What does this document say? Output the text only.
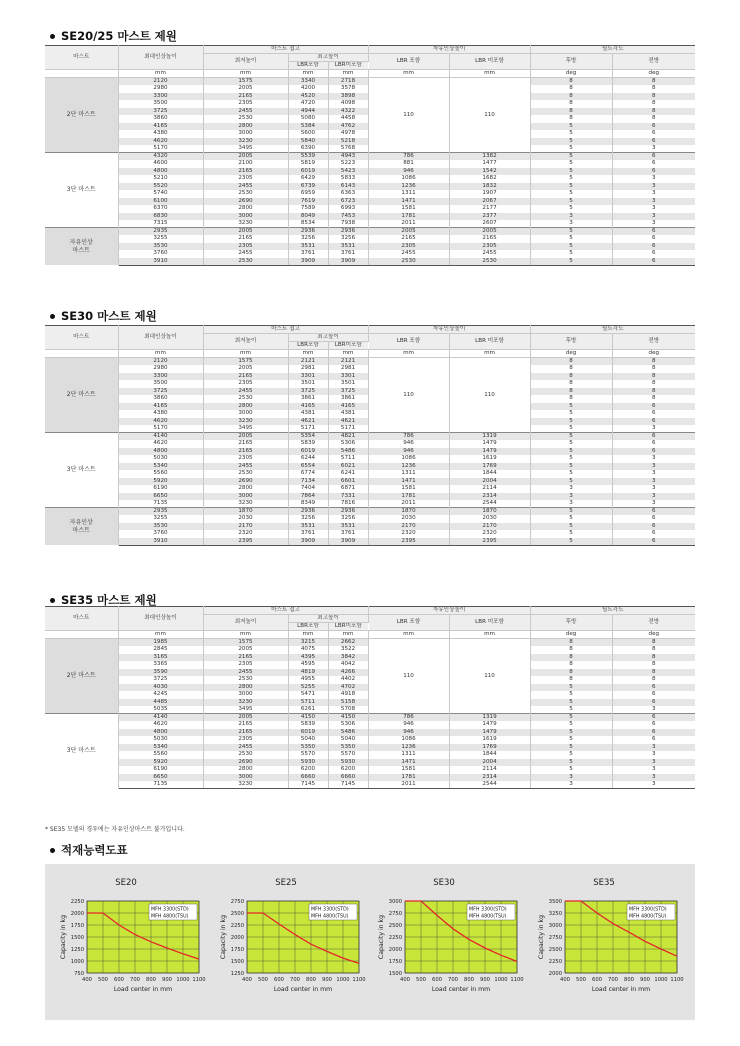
SE20/25 마스트 제원
마스트	최대인상높이	마스트 접고			자유인상높이		틸트각도	
		최저높이	최고높이		LBR 포함	LBR 미포함	후방	전방
			LBR포함	LBR미포함				
	mm	mm	mm	mm	mm	mm	deg	deg
2단 마스트	2120	1575	3340	2718	110	110	8	8
	2980	2005	4200	3578			8	8
	3300	2165	4520	3898			8	8
	3500	2305	4720	4098			8	8
	3725	2455	4944	4322			8	8
	3860	2530	5080	4458			8	8
	4165	2800	5384	4762			5	6
	4380	3000	5600	4978			5	6
	4620	3230	5840	5218			5	6
	5170	3495	6390	5768			5	3
3단 마스트	4320	2005	5539	4943	786	1382	5	6
	4600	2100	5819	5223	881	1477	5	6
	4800	2165	6019	5423	946	1542	5	6
	5210	2305	6429	5833	1086	1682	5	3
	5520	2455	6739	6143	1236	1832	5	3
	5740	2530	6959	6363	1311	1907	5	3
	6100	2690	7619	6723	1471	2067	5	3
	6370	2800	7589	6993	1581	2177	5	3
	6830	3000	8049	7453	1781	2377	3	3
	7315	3230	8534	7938	2011	2607	3	3
자유인상
마스트	2935	2005	2936	2936	2005	2005	5	6
	3255	2165	3256	3256	2165	2165	5	6
	3530	2305	3531	3531	2305	2305	5	6
	3760	2455	3761	3761	2455	2455	5	6
	3910	2530	3909	3909	2530	2530	5	6
SE30 마스트 제원
마스트	최대인상높이	마스트 접고			자유인상높이		틸트각도	
		최저높이	최고높이		LBR 포함	LBR 미포함	후방	전방
			LBR포함	LBR미포함				
	mm	mm	mm	mm	mm	mm	deg	deg
2단 마스트	2120	1575	2121	2121	110	110	8	8
	2980	2005	2981	2981			8	8
	3300	2165	3301	3301			8	8
	3500	2305	3501	3501			8	8
	3725	2455	3725	3725			8	8
	3860	2530	3861	3861			8	8
	4165	2800	4165	4165			5	6
	4380	3000	4381	4381			5	6
	4620	3230	4621	4621			5	6
	5170	3495	5171	5171			5	3
3단 마스트	4140	2005	5354	4821	786	1319	5	6
	4620	2165	5839	5306	946	1479	5	6
	4800	2165	6019	5486	946	1479	5	6
	5030	2305	6244	5711	1086	1619	5	3
	5340	2455	6554	6021	1236	1769	5	3
	5560	2530	6774	6241	1311	1844	5	3
	5920	2690	7134	6601	1471	2004	5	3
	6190	2800	7404	6871	1581	2114	3	3
	6650	3000	7864	7331	1781	2314	3	3
	7135	3230	8349	7816	2011	2544	3	3
자유인상
마스트	2935	1870	2936	2936	1870	1870	5	6
	3255	2030	3256	3256	2030	2030	5	6
	3530	2170	3531	3531	2170	2170	5	6
	3760	2320	3761	3761	2320	2320	5	6
	3910	2395	3909	3909	2395	2395	5	6
SE35 마스트 제원
마스트	최대인상높이	마스트 접고			자유인상높이		틸트각도	
		최저높이	최고높이		LBR 포함	LBR 미포함	후방	전방
			LBR포함	LBR미포함				
	mm	mm	mm	mm	mm	mm	deg	deg
2단 마스트	1985	1575	3215	2662	110	110	8	8
	2845	2005	4075	3522			8	8
	3165	2165	4395	3842			8	8
	3365	2305	4595	4042			8	8
	3590	2455	4819	4266			8	8
	3725	2530	4955	4402			8	8
	4030	2800	5255	4702			5	6
	4245	3000	5471	4918			5	6
	4485	3230	5711	5158			5	6
	5035	3495	6261	5708			5	3
3단 마스트	4140	2005	4150	4150	786	1319	5	6
	4620	2165	5839	5306	946	1479	5	6
	4800	2165	6019	5486	946	1479	5	6
	5030	2305	5040	5040	1086	1619	5	6
	5340	2455	5350	5350	1236	1769	5	3
	5560	2530	5570	5570	1311	1844	5	3
	5920	2690	5930	5930	1471	2004	5	3
	6190	2800	6200	6200	1581	2114	5	3
	6650	3000	6660	6660	1781	2314	3	3
	7135	3230	7145	7145	2011	2544	3	3
* SE35 모델의 경우에는 자유인상마스트 불가입니다.
적재능력도표
SE20
400 500 600 700 800 900 1000 1100
750
1000
1250
1500
1750
2000
2250
MFH 3300(STD)
MFH 4800(TSU)
Load center in mm
Capacity in kg
SE25
400 500 600 700 800 900 1000 1100
1250
1500
1750
2000
2250
2500
2750
MFH 3300(STD)
MFH 4800(TSU)
Load center in mm
Capacity in kg
SE30
400 500 600 700 800 900 1000 1100
1500
1750
2000
2250
2500
2750
3000
MFH 3300(STD)
MFH 4800(TSU)
Load center in mm
Capacity in kg
SE35
400 500 600 700 800 900 1000 1100
2000
2250
2500
2750
3000
3250
3500
MFH 3300(STD)
MFH 4800(TSU)
Load center in mm
Capacity in kg
